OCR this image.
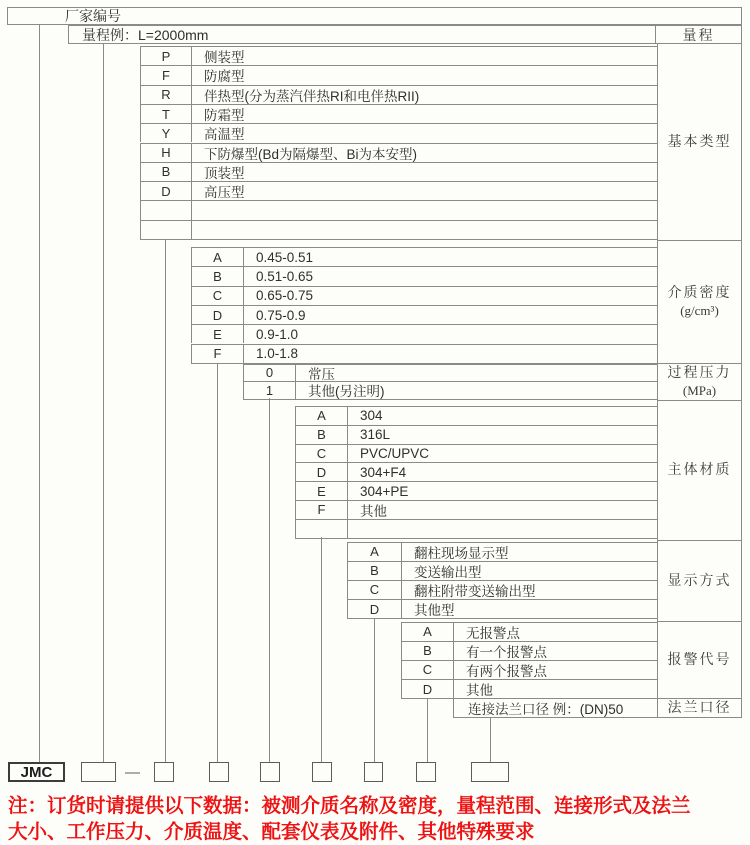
厂家编号
量程例：L=2000mm	量程
P	侧装型
F	防腐型
R	伴热型(分为蒸汽伴热RI和电伴热RII)
T	防霜型
Y	高温型
H	下防爆型(Bd为隔爆型、Bi为本安型)
B	顶装型
D	高压型
基本类型
A	0.45-0.51
B	0.51-0.65
C	0.65-0.75
D	0.75-0.9
E	0.9-1.0
F	1.0-1.8
介质密度
(g/cm³)
0	常压
1	其他(另注明)
过程压力
(MPa)
A	304
B	316L
C	PVC/UPVC
D	304+F4
E	304+PE
F	其他
主体材质
A	翻柱现场显示型
B	变送输出型
C	翻柱附带变送输出型
D	其他型
显示方式
A	无报警点
B	有一个报警点
C	有两个报警点
D	其他
报警代号
连接法兰口径 例：(DN)50	法兰口径
JMC	—
注：订货时请提供以下数据：被测介质名称及密度，量程范围、连接形式及法兰
大小、工作压力、介质温度、配套仪表及附件、其他特殊要求
